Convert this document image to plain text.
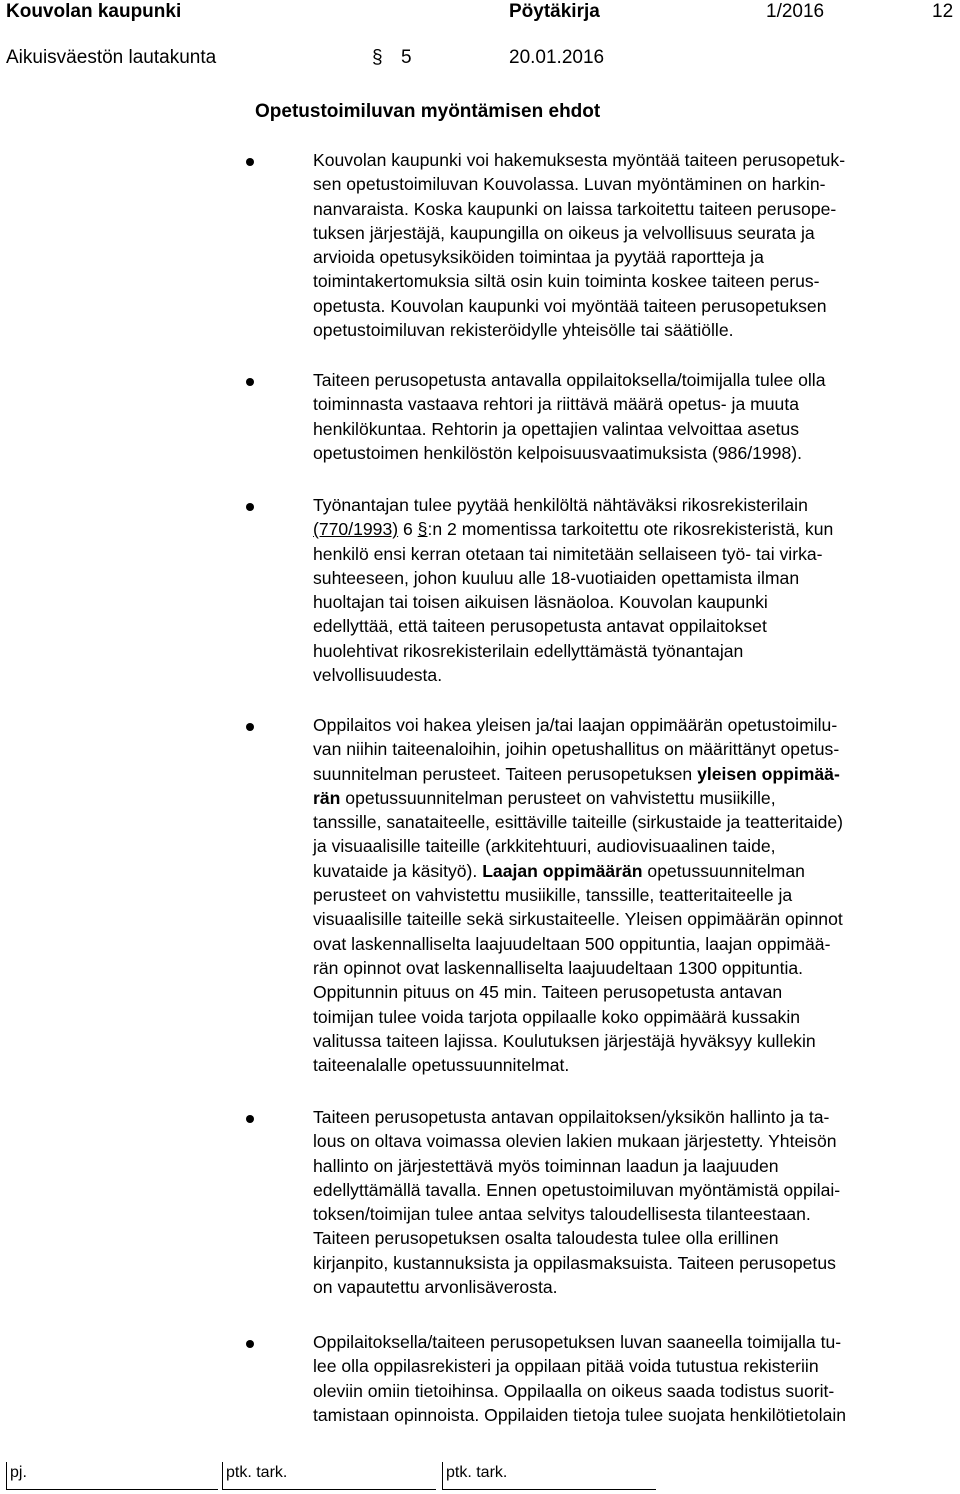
Kouvolan kaupunki	Pöytäkirja	1/2016	12
Aikuisväestön lautakunta	§ 5	20.01.2016
Opetustoimiluvan myöntämisen ehdot
Kouvolan kaupunki voi hakemuksesta myöntää taiteen perusopetuk-
sen opetustoimiluvan Kouvolassa. Luvan myöntäminen on harkin-
nanvaraista. Koska kaupunki on laissa tarkoitettu taiteen perusope-
tuksen järjestäjä, kaupungilla on oikeus ja velvollisuus seurata ja
arvioida opetusyksiköiden toimintaa ja pyytää raportteja ja
toimintakertomuksia siltä osin kuin toiminta koskee taiteen perus-
opetusta. Kouvolan kaupunki voi myöntää taiteen perusopetuksen
opetustoimiluvan rekisteröidylle yhteisölle tai säätiölle.
Taiteen perusopetusta antavalla oppilaitoksella/toimijalla tulee olla
toiminnasta vastaava rehtori ja riittävä määrä opetus- ja muuta
henkilökuntaa. Rehtorin ja opettajien valintaa velvoittaa asetus
opetustoimen henkilöstön kelpoisuusvaatimuksista (986/1998).
Työnantajan tulee pyytää henkilöltä nähtäväksi rikosrekisterilain
(770/1993) 6 §:n 2 momentissa tarkoitettu ote rikosrekisteristä, kun
henkilö ensi kerran otetaan tai nimitetään sellaiseen työ- tai virka-
suhteeseen, johon kuuluu alle 18-vuotiaiden opettamista ilman
huoltajan tai toisen aikuisen läsnäoloa. Kouvolan kaupunki
edellyttää, että taiteen perusopetusta antavat oppilaitokset
huolehtivat rikosrekisterilain edellyttämästä työnantajan
velvollisuudesta.
Oppilaitos voi hakea yleisen ja/tai laajan oppimäärän opetustoimilu-
van niihin taiteenaloihin, joihin opetushallitus on määrittänyt opetus-
suunnitelman perusteet. Taiteen perusopetuksen yleisen oppimää-
rän opetussuunnitelman perusteet on vahvistettu musiikille,
tanssille, sanataiteelle, esittäville taiteille (sirkustaide ja teatteritaide)
ja visuaalisille taiteille (arkkitehtuuri, audiovisuaalinen taide,
kuvataide ja käsityö). Laajan oppimäärän opetussuunnitelman
perusteet on vahvistettu musiikille, tanssille, teatteritaiteelle ja
visuaalisille taiteille sekä sirkustaiteelle. Yleisen oppimäärän opinnot
ovat laskennalliselta laajuudeltaan 500 oppituntia, laajan oppimää-
rän opinnot ovat laskennalliselta laajuudeltaan 1300 oppituntia.
Oppitunnin pituus on 45 min. Taiteen perusopetusta antavan
toimijan tulee voida tarjota oppilaalle koko oppimäärä kussakin
valitussa taiteen lajissa. Koulutuksen järjestäjä hyväksyy kullekin
taiteenalalle opetussuunnitelmat.
Taiteen perusopetusta antavan oppilaitoksen/yksikön hallinto ja ta-
lous on oltava voimassa olevien lakien mukaan järjestetty. Yhteisön
hallinto on järjestettävä myös toiminnan laadun ja laajuuden
edellyttämällä tavalla. Ennen opetustoimiluvan myöntämistä oppilai-
toksen/toimijan tulee antaa selvitys taloudellisesta tilanteestaan.
Taiteen perusopetuksen osalta taloudesta tulee olla erillinen
kirjanpito, kustannuksista ja oppilasmaksuista. Taiteen perusopetus
on vapautettu arvonlisäverosta.
Oppilaitoksella/taiteen perusopetuksen luvan saaneella toimijalla tu-
lee olla oppilasrekisteri ja oppilaan pitää voida tutustua rekisteriin
oleviin omiin tietoihinsa. Oppilaalla on oikeus saada todistus suorit-
tamistaan opinnoista. Oppilaiden tietoja tulee suojata henkilötietolain
pj.	ptk. tark.	ptk. tark.
